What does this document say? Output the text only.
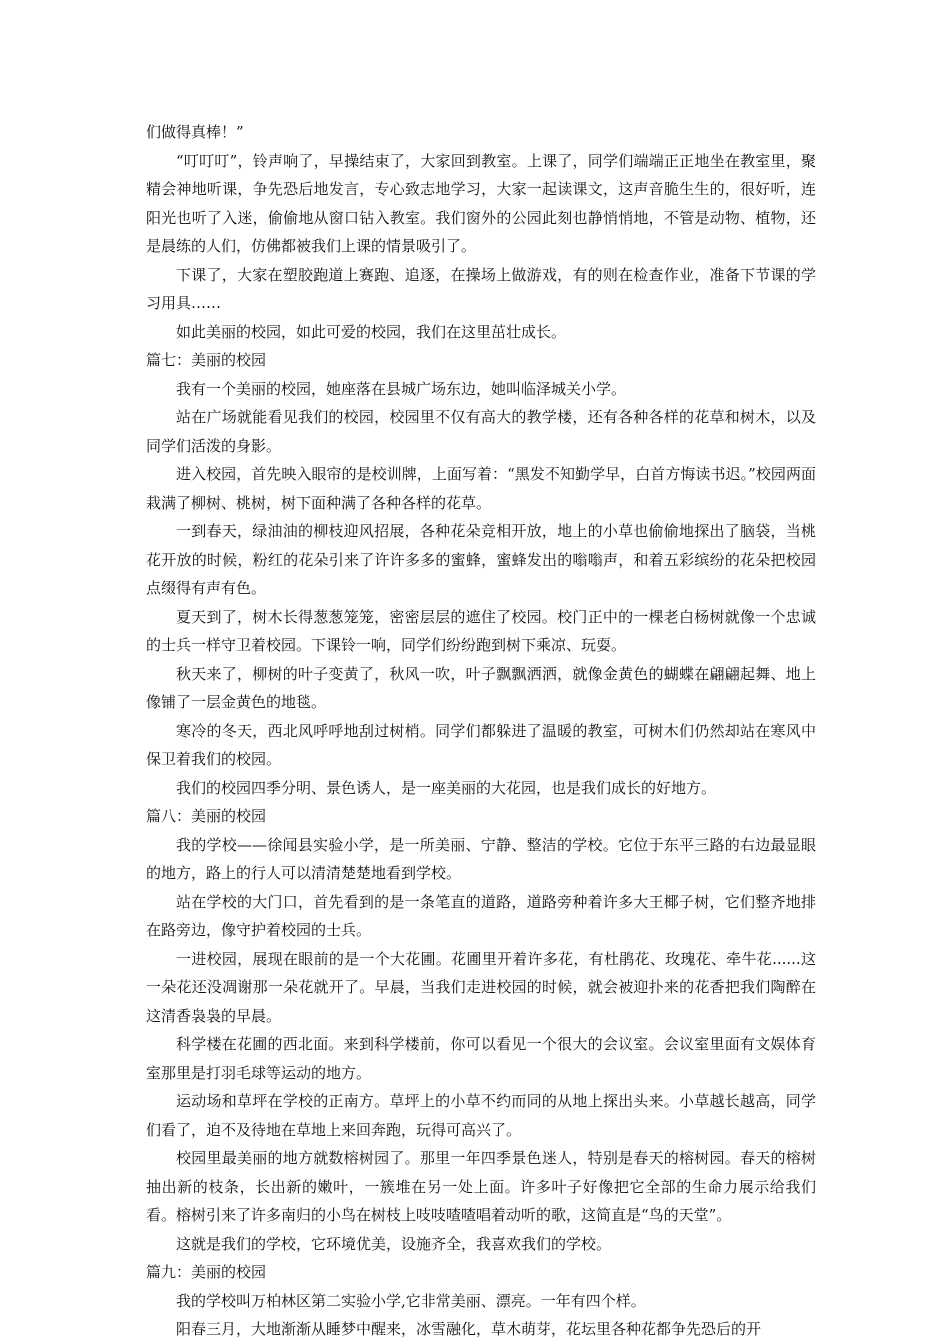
们做得真棒！”

“叮叮叮”，铃声响了，早操结束了，大家回到教室。上课了，同学们端端正正地坐在教室里，聚精会神地听课，争先恐后地发言，专心致志地学习，大家一起读课文，这声音脆生生的，很好听，连阳光也听了入迷，偷偷地从窗口钻入教室。我们窗外的公园此刻也静悄悄地，不管是动物、植物，还是晨练的人们，仿佛都被我们上课的情景吸引了。

下课了，大家在塑胶跑道上赛跑、追逐，在操场上做游戏，有的则在检查作业，准备下节课的学习用具……

如此美丽的校园，如此可爱的校园，我们在这里茁壮成长。

篇七：美丽的校园

我有一个美丽的校园，她座落在县城广场东边，她叫临泽城关小学。

站在广场就能看见我们的校园，校园里不仅有高大的教学楼，还有各种各样的花草和树木，以及同学们活泼的身影。

进入校园，首先映入眼帘的是校训牌，上面写着：“黑发不知勤学早，白首方悔读书迟。”校园两面栽满了柳树、桃树，树下面种满了各种各样的花草。

一到春天，绿油油的柳枝迎风招展，各种花朵竞相开放，地上的小草也偷偷地探出了脑袋，当桃花开放的时候，粉红的花朵引来了许许多多的蜜蜂，蜜蜂发出的嗡嗡声，和着五彩缤纷的花朵把校园点缀得有声有色。

夏天到了，树木长得葱葱笼笼，密密层层的遮住了校园。校门正中的一棵老白杨树就像一个忠诚的士兵一样守卫着校园。下课铃一响，同学们纷纷跑到树下乘凉、玩耍。

秋天来了，柳树的叶子变黄了，秋风一吹，叶子飘飘洒洒，就像金黄色的蝴蝶在翩翩起舞、地上像铺了一层金黄色的地毯。

寒冷的冬天，西北风呼呼地刮过树梢。同学们都躲进了温暖的教室，可树木们仍然却站在寒风中保卫着我们的校园。

我们的校园四季分明、景色诱人，是一座美丽的大花园，也是我们成长的好地方。

篇八：美丽的校园

我的学校——徐闻县实验小学，是一所美丽、宁静、整洁的学校。它位于东平三路的右边最显眼的地方，路上的行人可以清清楚楚地看到学校。

站在学校的大门口，首先看到的是一条笔直的道路，道路旁种着许多大王椰子树，它们整齐地排在路旁边，像守护着校园的士兵。

一进校园，展现在眼前的是一个大花圃。花圃里开着许多花，有杜鹃花、玫瑰花、牵牛花......这一朵花还没凋谢那一朵花就开了。早晨，当我们走进校园的时候，就会被迎扑来的花香把我们陶醉在这清香袅袅的早晨。

科学楼在花圃的西北面。来到科学楼前，你可以看见一个很大的会议室。会议室里面有文娱体育室那里是打羽毛球等运动的地方。

运动场和草坪在学校的正南方。草坪上的小草不约而同的从地上探出头来。小草越长越高，同学们看了，迫不及待地在草地上来回奔跑，玩得可高兴了。

校园里最美丽的地方就数榕树园了。那里一年四季景色迷人，特别是春天的榕树园。春天的榕树抽出新的枝条，长出新的嫩叶，一簇堆在另一处上面。许多叶子好像把它全部的生命力展示给我们看。榕树引来了许多南归的小鸟在树枝上吱吱喳喳唱着动听的歌，这简直是“鸟的天堂”。

这就是我们的学校，它环境优美，设施齐全，我喜欢我们的学校。

篇九：美丽的校园

我的学校叫万柏林区第二实验小学,它非常美丽、漂亮。一年有四个样。

阳春三月，大地渐渐从睡梦中醒来，冰雪融化，草木萌芽，花坛里各种花都争先恐后的开
